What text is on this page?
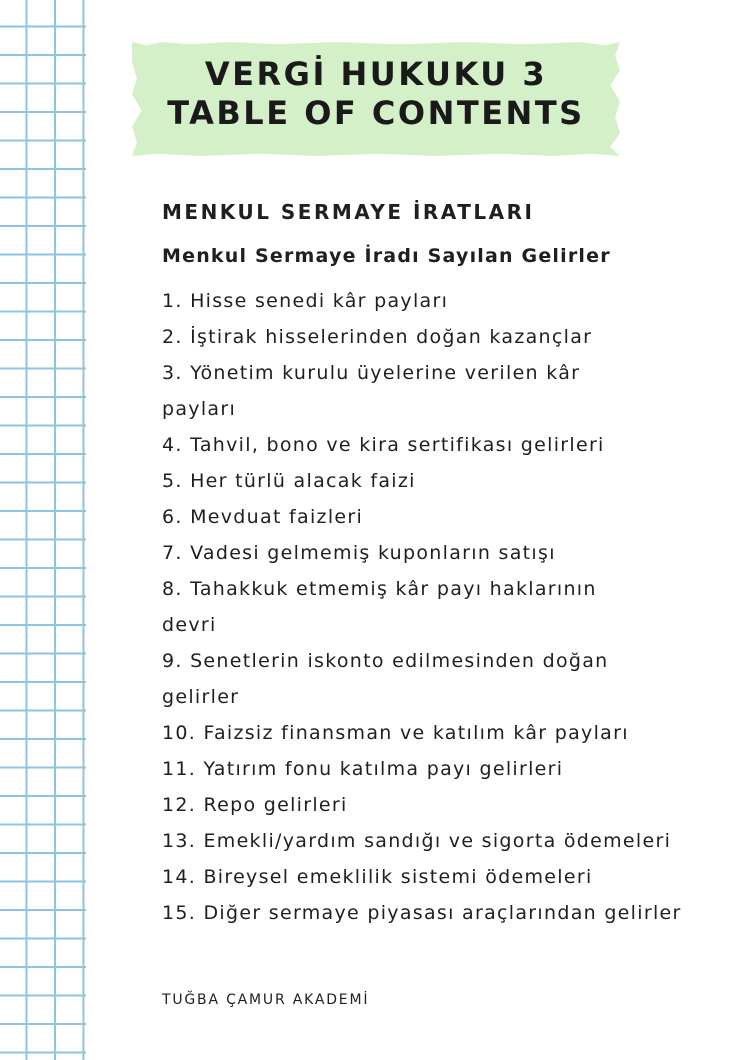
VERGİ HUKUKU 3
TABLE OF CONTENTS
MENKUL SERMAYE İRATLARI
Menkul Sermaye İradı Sayılan Gelirler
1. Hisse senedi kâr payları
2. İştirak hisselerinden doğan kazançlar
3. Yönetim kurulu üyelerine verilen kâr
payları
4. Tahvil, bono ve kira sertifikası gelirleri
5. Her türlü alacak faizi
6. Mevduat faizleri
7. Vadesi gelmemiş kuponların satışı
8. Tahakkuk etmemiş kâr payı haklarının
devri
9. Senetlerin iskonto edilmesinden doğan
gelirler
10. Faizsiz finansman ve katılım kâr payları
11. Yatırım fonu katılma payı gelirleri
12. Repo gelirleri
13. Emekli/yardım sandığı ve sigorta ödemeleri
14. Bireysel emeklilik sistemi ödemeleri
15. Diğer sermaye piyasası araçlarından gelirler
TUĞBA ÇAMUR AKADEMİ
